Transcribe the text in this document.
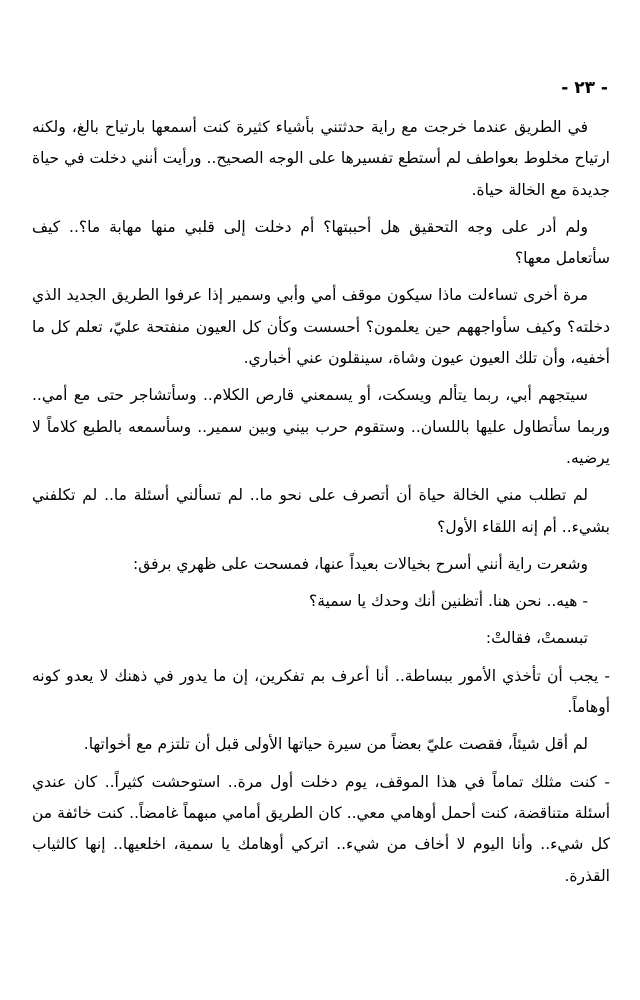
- ٢٣ -

في الطريق عندما خرجت مع راية حدثتني بأشياء كثيرة كنت أسمعها بارتياح بالغ، ولكنه ارتياح مخلوط بعواطف لم أستطع تفسيرها على الوجه الصحيح.. ورأيت أنني دخلت في حياة جديدة مع الخالة حياة.

ولم أدر على وجه التحقيق هل أحببتها؟ أم دخلت إلى قلبي منها مهابة ما؟.. كيف سأتعامل معها؟

مرة أخرى تساءلت ماذا سيكون موقف أمي وأبي وسمير إذا عرفوا الطريق الجديد الذي دخلته؟ وكيف سأواجههم حين يعلمون؟ أحسست وكأن كل العيون منفتحة عليّ، تعلم كل ما أخفيه، وأن تلك العيون عيون وشاة، سينقلون عني أخباري.

سيتجهم أبي، ربما يتألم ويسكت، أو يسمعني قارص الكلام.. وسأتشاجر حتى مع أمي.. وربما سأتطاول عليها باللسان.. وستقوم حرب بيني وبين سمير.. وسأسمعه بالطبع كلاماً لا يرضيه.

لم تطلب مني الخالة حياة أن أتصرف على نحو ما.. لم تسألني أسئلة ما.. لم تكلفني بشيء.. أم إنه اللقاء الأول؟

وشعرت راية أنني أسرح بخيالات بعيداً عنها، فمسحت على ظهري برفق:

- هيه.. نحن هنا. أتظنين أنك وحدك يا سمية؟

تبسمتْ، فقالتْ:

- يجب أن تأخذي الأمور ببساطة.. أنا أعرف بم تفكرين، إن ما يدور في ذهنك لا يعدو كونه أوهاماً.

لم أقل شيئاً، فقصت عليّ بعضاً من سيرة حياتها الأولى قبل أن تلتزم مع أخواتها.

- كنت مثلك تماماً في هذا الموقف، يوم دخلت أول مرة.. استوحشت كثيراً.. كان عندي أسئلة متناقضة، كنت أحمل أوهامي معي.. كان الطريق أمامي مبهماً غامضاً.. كنت خائفة من كل شيء.. وأنا اليوم لا أخاف من شيء.. اتركي أوهامك يا سمية، اخلعيها.. إنها كالثياب القذرة.
